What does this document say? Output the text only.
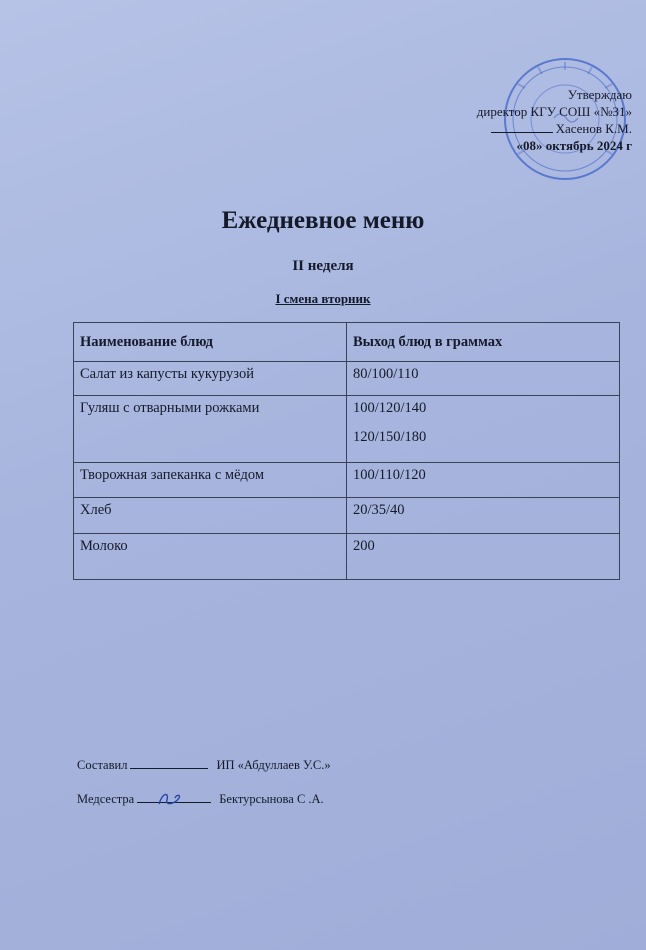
Утверждаю
директор КГУ СОШ «№31»
Хасенов К.М.
«08» октябрь 2024 г
Ежедневное меню
II неделя
I смена вторник
Наименование блюд	Выход блюд в граммах
Салат из капусты кукурузой	80/100/110
Гуляш с отварными рожками	100/120/140
120/150/180

Творожная запеканка с мёдом	100/110/120
Хлеб	20/35/40
Молоко	200
Составил	ИП «Абдуллаев У.С.»
Медсестра	Бектурсынова С .А.
